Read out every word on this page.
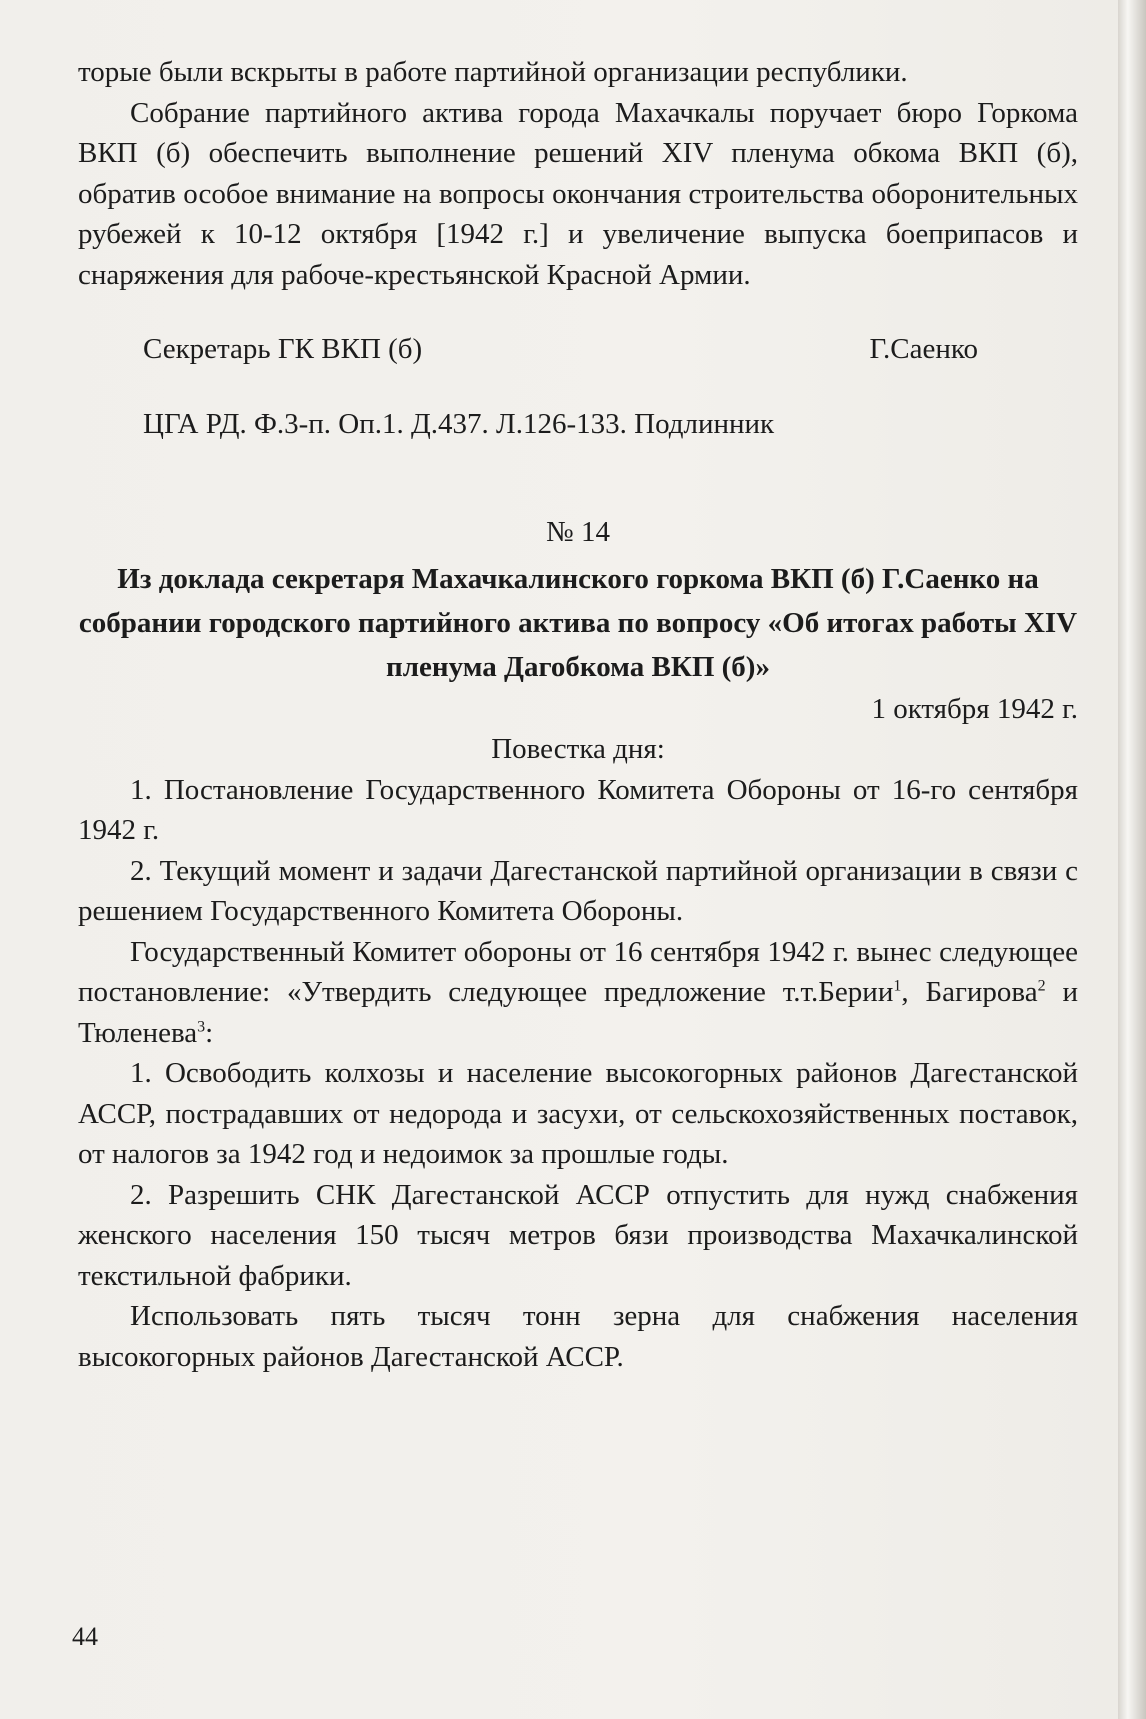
торые были вскрыты в работе партийной организации республики.

Собрание партийного актива города Махачкалы поручает бюро Горкома ВКП (б) обеспечить выполнение решений XIV пленума обкома ВКП (б), обратив особое внимание на вопросы окончания строительства оборонительных рубежей к 10-12 октября [1942 г.] и увеличение выпуска боеприпасов и снаряжения для рабоче-крестьянской Красной Армии.

Секретарь ГК ВКП (б)	Г.Саенко

ЦГА РД. Ф.3-п. Оп.1. Д.437. Л.126-133. Подлинник

№ 14

Из доклада секретаря Махачкалинского горкома ВКП (б) Г.Саенко на собрании городского партийного актива по вопросу «Об итогах работы XIV пленума Дагобкома ВКП (б)»

1 октября 1942 г.

Повестка дня:

1. Постановление Государственного Комитета Обороны от 16-го сентября 1942 г.

2. Текущий момент и задачи Дагестанской партийной организации в связи с решением Государственного Комитета Обороны.

Государственный Комитет обороны от 16 сентября 1942 г. вынес следующее постановление: «Утвердить следующее предложение т.т.Берии$^1$, Багирова$^2$ и Тюленева$^3$:

1. Освободить колхозы и население высокогорных районов Дагестанской АССР, пострадавших от недорода и засухи, от сельскохозяйственных поставок, от налогов за 1942 год и недоимок за прошлые годы.

2. Разрешить СНК Дагестанской АССР отпустить для нужд снабжения женского населения 150 тысяч метров бязи производства Махачкалинской текстильной фабрики.

Использовать пять тысяч тонн зерна для снабжения населения высокогорных районов Дагестанской АССР.

44
